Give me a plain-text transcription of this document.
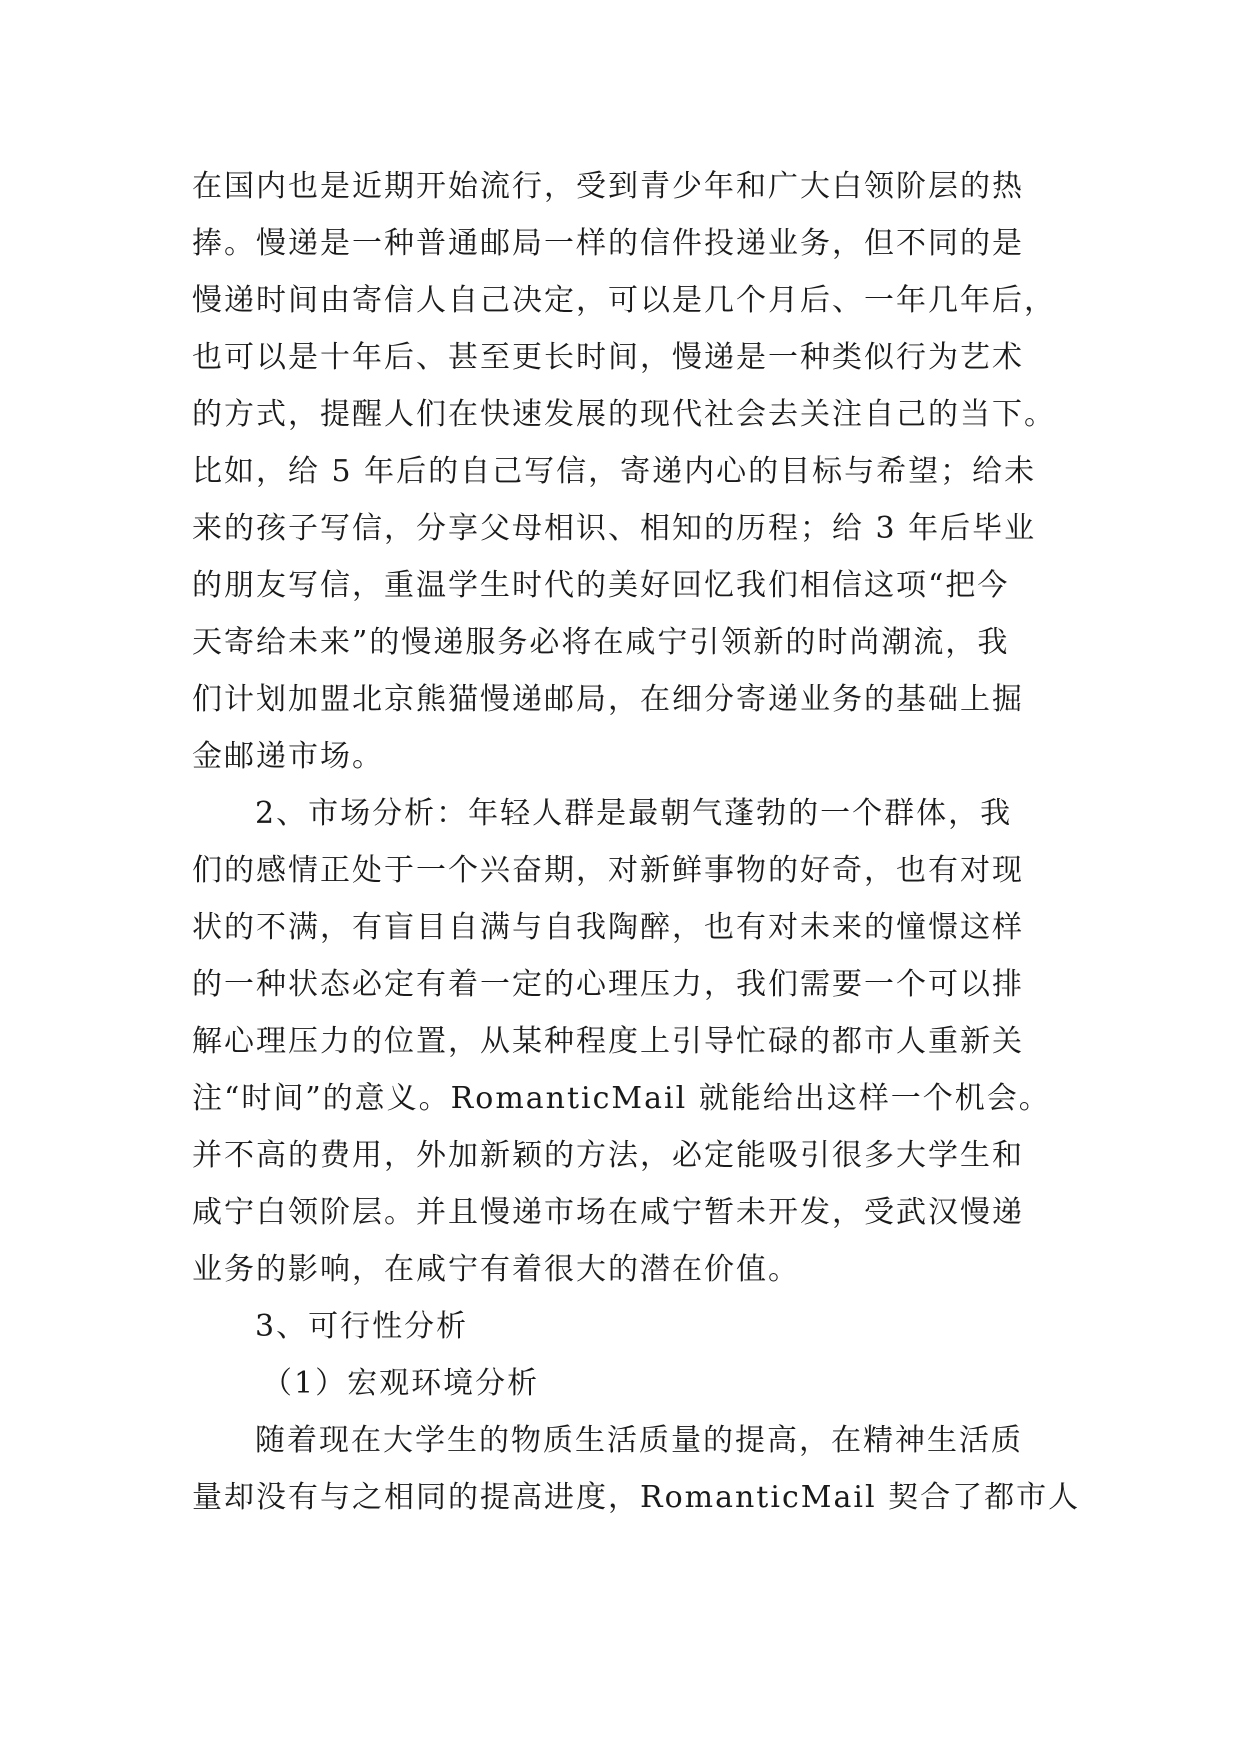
在国内也是近期开始流行，受到青少年和广大白领阶层的热
捧。慢递是一种普通邮局一样的信件投递业务，但不同的是
慢递时间由寄信人自己决定，可以是几个月后、一年几年后，
也可以是十年后、甚至更长时间，慢递是一种类似行为艺术
的方式，提醒人们在快速发展的现代社会去关注自己的当下。
比如，给 5 年后的自己写信，寄递内心的目标与希望；给未
来的孩子写信，分享父母相识、相知的历程；给 3 年后毕业
的朋友写信，重温学生时代的美好回忆我们相信这项“把今
天寄给未来”的慢递服务必将在咸宁引领新的时尚潮流，我
们计划加盟北京熊猫慢递邮局，在细分寄递业务的基础上掘
金邮递市场。
2、市场分析：年轻人群是最朝气蓬勃的一个群体，我
们的感情正处于一个兴奋期，对新鲜事物的好奇，也有对现
状的不满，有盲目自满与自我陶醉，也有对未来的憧憬这样
的一种状态必定有着一定的心理压力，我们需要一个可以排
解心理压力的位置，从某种程度上引导忙碌的都市人重新关
注“时间”的意义。RomanticMail 就能给出这样一个机会。
并不高的费用，外加新颖的方法，必定能吸引很多大学生和
咸宁白领阶层。并且慢递市场在咸宁暂未开发，受武汉慢递
业务的影响，在咸宁有着很大的潜在价值。
3、可行性分析
（1）宏观环境分析
随着现在大学生的物质生活质量的提高，在精神生活质
量却没有与之相同的提高进度，RomanticMail 契合了都市人
